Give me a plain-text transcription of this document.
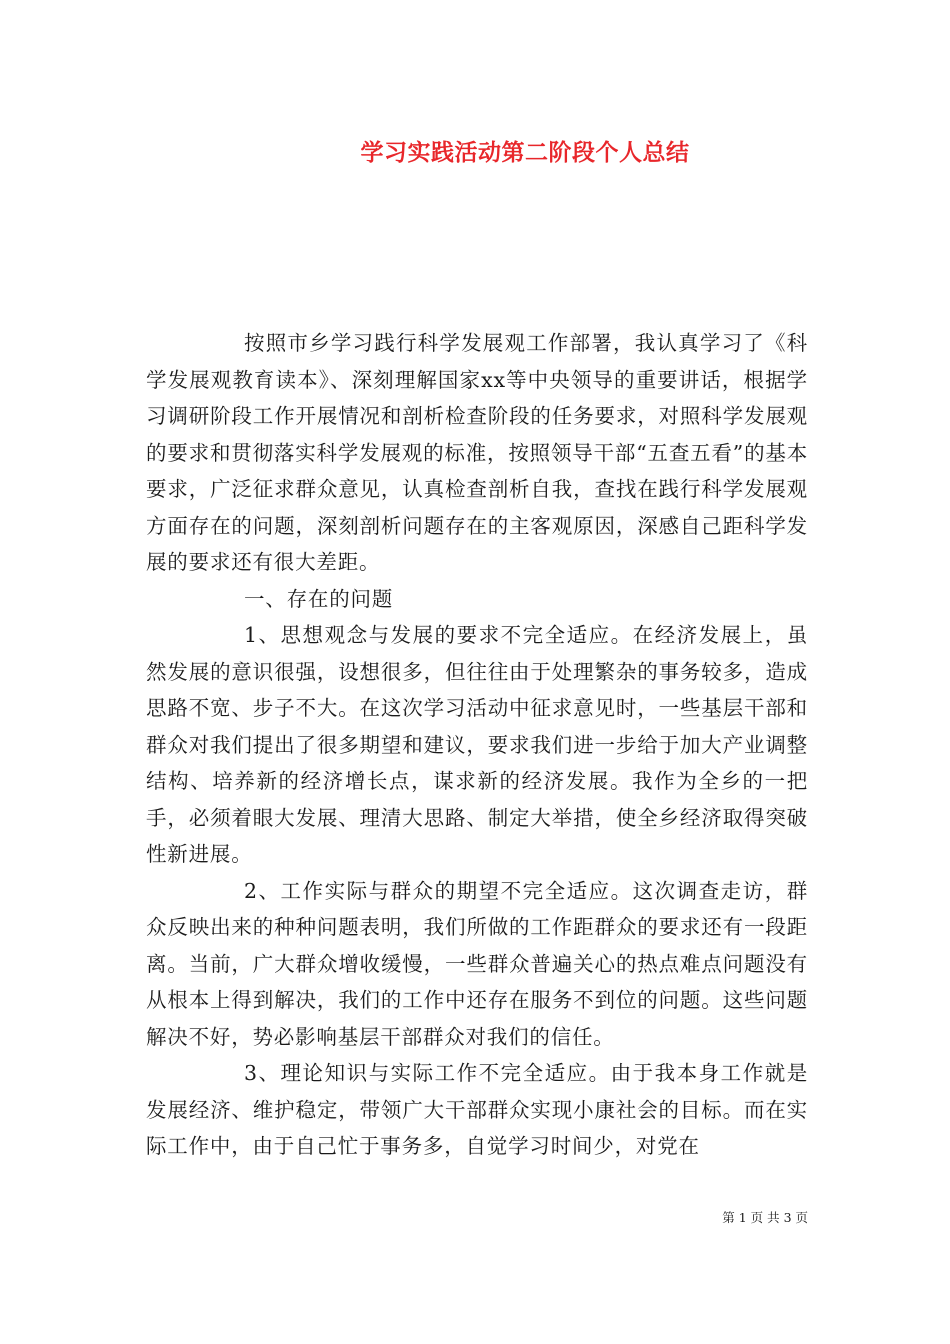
学习实践活动第二阶段个人总结

按照市乡学习践行科学发展观工作部署，我认真学习了《科学发展观教育读本》、深刻理解国家xx等中央领导的重要讲话，根据学习调研阶段工作开展情况和剖析检查阶段的任务要求，对照科学发展观的要求和贯彻落实科学发展观的标准，按照领导干部“五查五看”的基本要求，广泛征求群众意见，认真检查剖析自我，查找在践行科学发展观方面存在的问题，深刻剖析问题存在的主客观原因，深感自己距科学发展的要求还有很大差距。

一、存在的问题

1、思想观念与发展的要求不完全适应。在经济发展上，虽然发展的意识很强，设想很多，但往往由于处理繁杂的事务较多，造成思路不宽、步子不大。在这次学习活动中征求意见时，一些基层干部和群众对我们提出了很多期望和建议，要求我们进一步给于加大产业调整结构、培养新的经济增长点，谋求新的经济发展。我作为全乡的一把手，必须着眼大发展、理清大思路、制定大举措，使全乡经济取得突破性新进展。

2、工作实际与群众的期望不完全适应。这次调查走访，群众反映出来的种种问题表明，我们所做的工作距群众的要求还有一段距离。当前，广大群众增收缓慢，一些群众普遍关心的热点难点问题没有从根本上得到解决，我们的工作中还存在服务不到位的问题。这些问题解决不好，势必影响基层干部群众对我们的信任。

3、理论知识与实际工作不完全适应。由于我本身工作就是发展经济、维护稳定，带领广大干部群众实现小康社会的目标。而在实际工作中，由于自己忙于事务多，自觉学习时间少，对党在

第 1 页 共 3 页
